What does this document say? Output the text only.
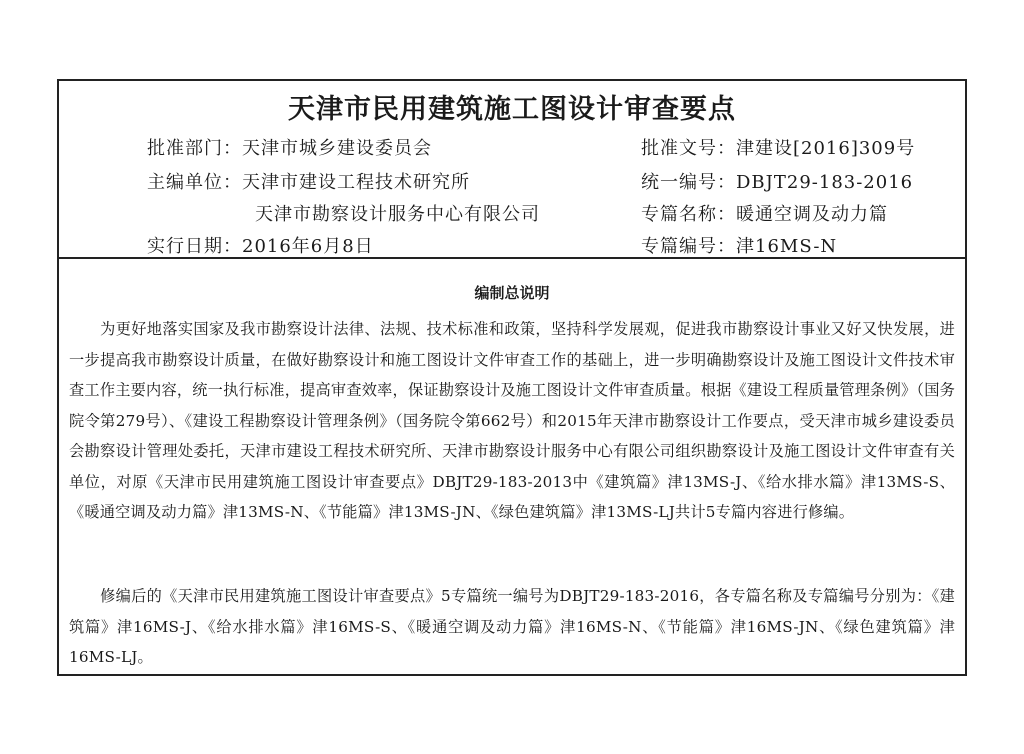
天津市民用建筑施工图设计审查要点
批准部门：天津市城乡建设委员会	批准文号：津建设[2016]309号
主编单位：天津市建设工程技术研究所	统一编号：DBJT29-183-2016
天津市勘察设计服务中心有限公司	专篇名称：暖通空调及动力篇
实行日期：2016年6月8日	专篇编号：津16MS-N
编制总说明

为更好地落实国家及我市勘察设计法律、法规、技术标准和政策，坚持科学发展观，促进我市勘察设计事业又好又快发展，进一步提高我市勘察设计质量，在做好勘察设计和施工图设计文件审查工作的基础上，进一步明确勘察设计及施工图设计文件技术审查工作主要内容，统一执行标准，提高审查效率，保证勘察设计及施工图设计文件审查质量。根据《建设工程质量管理条例》（国务院令第279号）、《建设工程勘察设计管理条例》（国务院令第662号）和2015年天津市勘察设计工作要点，受天津市城乡建设委员会勘察设计管理处委托，天津市建设工程技术研究所、天津市勘察设计服务中心有限公司组织勘察设计及施工图设计文件审查有关单位，对原《天津市民用建筑施工图设计审查要点》DBJT29-183-2013中《建筑篇》津13MS-J、《给水排水篇》津13MS-S、《暖通空调及动力篇》津13MS-N、《节能篇》津13MS-JN、《绿色建筑篇》津13MS-LJ共计5专篇内容进行修编。

修编后的《天津市民用建筑施工图设计审查要点》5专篇统一编号为DBJT29-183-2016，各专篇名称及专篇编号分别为：《建筑篇》津16MS-J、《给水排水篇》津16MS-S、《暖通空调及动力篇》津16MS-N、《节能篇》津16MS-JN、《绿色建筑篇》津16MS-LJ。
